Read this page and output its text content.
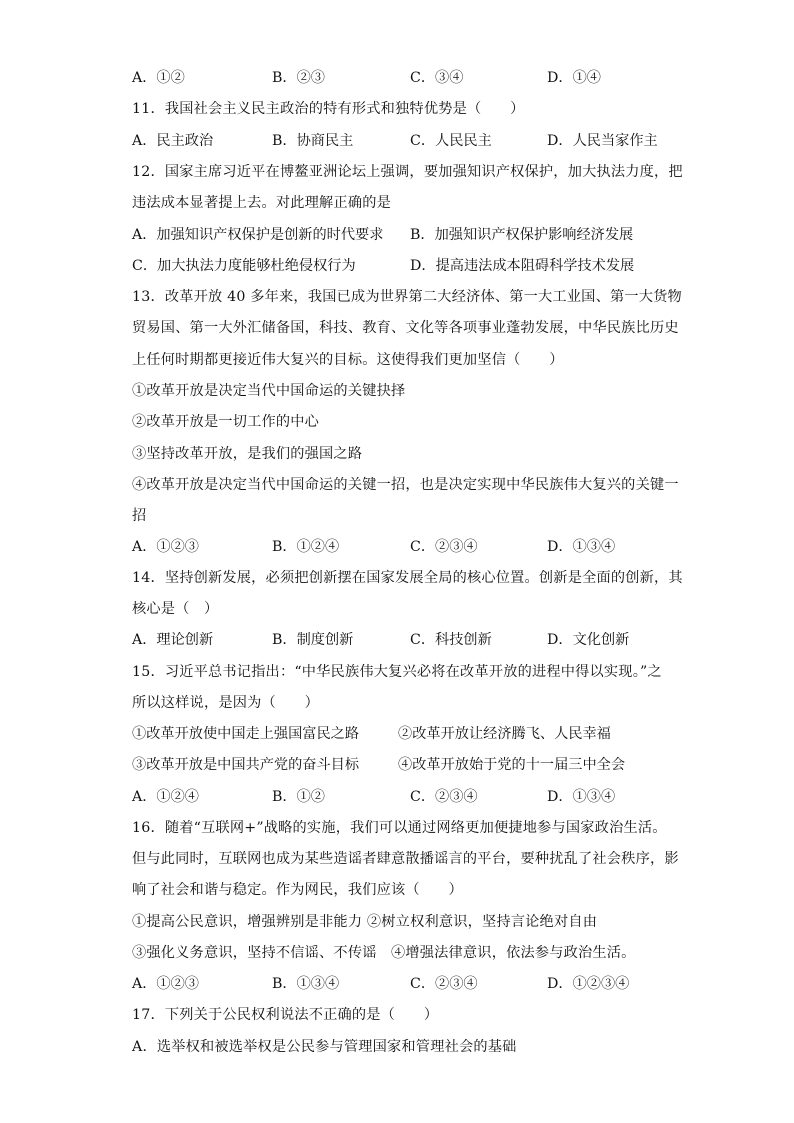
A．①②	B．②③	C．③④	D．①④
11．我国社会主义民主政治的特有形式和独特优势是（　　）
A．民主政治	B．协商民主	C．人民民主	D．人民当家作主
12．国家主席习近平在博鳌亚洲论坛上强调，要加强知识产权保护，加大执法力度，把
违法成本显著提上去。对此理解正确的是
A．加强知识产权保护是创新的时代要求 B．加强知识产权保护影响经济发展
C．加大执法力度能够杜绝侵权行为	D．提高违法成本阻碍科学技术发展
13．改革开放 40 多年来，我国已成为世界第二大经济体、第一大工业国、第一大货物
贸易国、第一大外汇储备国，科技、教育、文化等各项事业蓬勃发展，中华民族比历史
上任何时期都更接近伟大复兴的目标。这使得我们更加坚信（　　）
①改革开放是决定当代中国命运的关键抉择
②改革开放是一切工作的中心
③坚持改革开放，是我们的强国之路
④改革开放是决定当代中国命运的关键一招，也是决定实现中华民族伟大复兴的关键一
招
A．①②③	B．①②④	C．②③④	D．①③④
14．坚持创新发展，必须把创新摆在国家发展全局的核心位置。创新是全面的创新，其
核心是（　）
A．理论创新	B．制度创新	C．科技创新	D．文化创新
15．习近平总书记指出：“中华民族伟大复兴必将在改革开放的进程中得以实现。”之
所以这样说，是因为（　　）
①改革开放使中国走上强国富民之路	②改革开放让经济腾飞、人民幸福
③改革开放是中国共产党的奋斗目标	④改革开放始于党的十一届三中全会
A．①②④	B．①②	C．②③④	D．①③④
16．随着“互联网+”战略的实施，我们可以通过网络更加便捷地参与国家政治生活。
但与此同时，互联网也成为某些造谣者肆意散播谣言的平台，要种扰乱了社会秩序，影
响了社会和谐与稳定。作为网民，我们应该（　　）
①提高公民意识，增强辨别是非能力 ②树立权利意识，坚持言论绝对自由
③强化义务意识，坚持不信谣、不传谣　④增强法律意识，依法参与政治生活。
A．①②③	B．①③④	C．②③④	D．①②③④
17．下列关于公民权利说法不正确的是（　　）
A．选举权和被选举权是公民参与管理国家和管理社会的基础
